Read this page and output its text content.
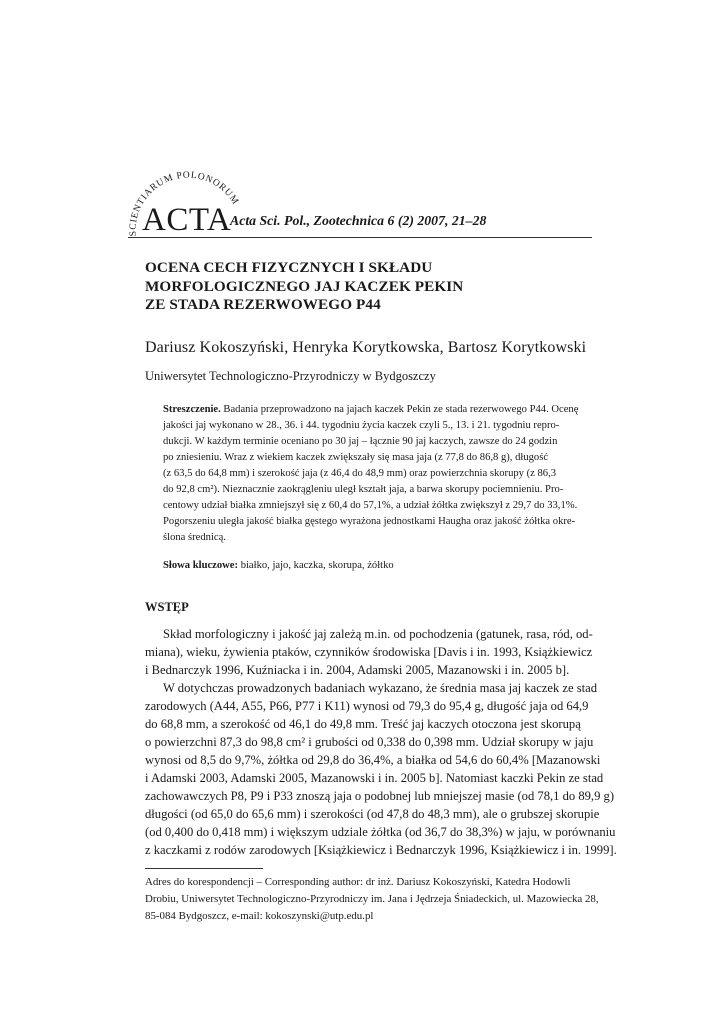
SCIENTIARUM POLONORUM
ACTA
Acta Sci. Pol., Zootechnica 6 (2) 2007, 21–28
OCENA CECH FIZYCZNYCH I SKŁADU
MORFOLOGICZNEGO JAJ KACZEK PEKIN
ZE STADA REZERWOWEGO P44
Dariusz Kokoszyński, Henryka Korytkowska, Bartosz Korytkowski
Uniwersytet Technologiczno-Przyrodniczy w Bydgoszczy
Streszczenie. Badania przeprowadzono na jajach kaczek Pekin ze stada rezerwowego P44. Ocenę
jakości jaj wykonano w 28., 36. i 44. tygodniu życia kaczek czyli 5., 13. i 21. tygodniu repro-
dukcji. W każdym terminie oceniano po 30 jaj – łącznie 90 jaj kaczych, zawsze do 24 godzin
po zniesieniu. Wraz z wiekiem kaczek zwiększały się masa jaja (z 77,8 do 86,8 g), długość
(z 63,5 do 64,8 mm) i szerokość jaja (z 46,4 do 48,9 mm) oraz powierzchnia skorupy (z 86,3
do 92,8 cm²). Nieznacznie zaokrągleniu uległ kształt jaja, a barwa skorupy pociemnieniu. Pro-
centowy udział białka zmniejszył się z 60,4 do 57,1%, a udział żółtka zwiększył z 29,7 do 33,1%.
Pogorszeniu uległa jakość białka gęstego wyrażona jednostkami Haugha oraz jakość żółtka okre-
ślona średnicą.
Słowa kluczowe: białko, jajo, kaczka, skorupa, żółtko
WSTĘP
Skład morfologiczny i jakość jaj zależą m.in. od pochodzenia (gatunek, rasa, ród, od-
miana), wieku, żywienia ptaków, czynników środowiska [Davis i in. 1993, Książkiewicz
i Bednarczyk 1996, Kuźniacka i in. 2004, Adamski 2005, Mazanowski i in. 2005 b].
W dotychczas prowadzonych badaniach wykazano, że średnia masa jaj kaczek ze stad
zarodowych (A44, A55, P66, P77 i K11) wynosi od 79,3 do 95,4 g, długość jaja od 64,9
do 68,8 mm, a szerokość od 46,1 do 49,8 mm. Treść jaj kaczych otoczona jest skorupą
o powierzchni 87,3 do 98,8 cm² i grubości od 0,338 do 0,398 mm. Udział skorupy w jaju
wynosi od 8,5 do 9,7%, żółtka od 29,8 do 36,4%, a białka od 54,6 do 60,4% [Mazanowski
i Adamski 2003, Adamski 2005, Mazanowski i in. 2005 b]. Natomiast kaczki Pekin ze stad
zachowawczych P8, P9 i P33 znoszą jaja o podobnej lub mniejszej masie (od 78,1 do 89,9 g)
długości (od 65,0 do 65,6 mm) i szerokości (od 47,8 do 48,3 mm), ale o grubszej skorupie
(od 0,400 do 0,418 mm) i większym udziale żółtka (od 36,7 do 38,3%) w jaju, w porównaniu
z kaczkami z rodów zarodowych [Książkiewicz i Bednarczyk 1996, Książkiewicz i in. 1999].
Adres do korespondencji – Corresponding author: dr inż. Dariusz Kokoszyński, Katedra Hodowli
Drobiu, Uniwersytet Technologiczno-Przyrodniczy im. Jana i Jędrzeja Śniadeckich, ul. Mazowiecka 28,
85-084 Bydgoszcz, e-mail: kokoszynski@utp.edu.pl
